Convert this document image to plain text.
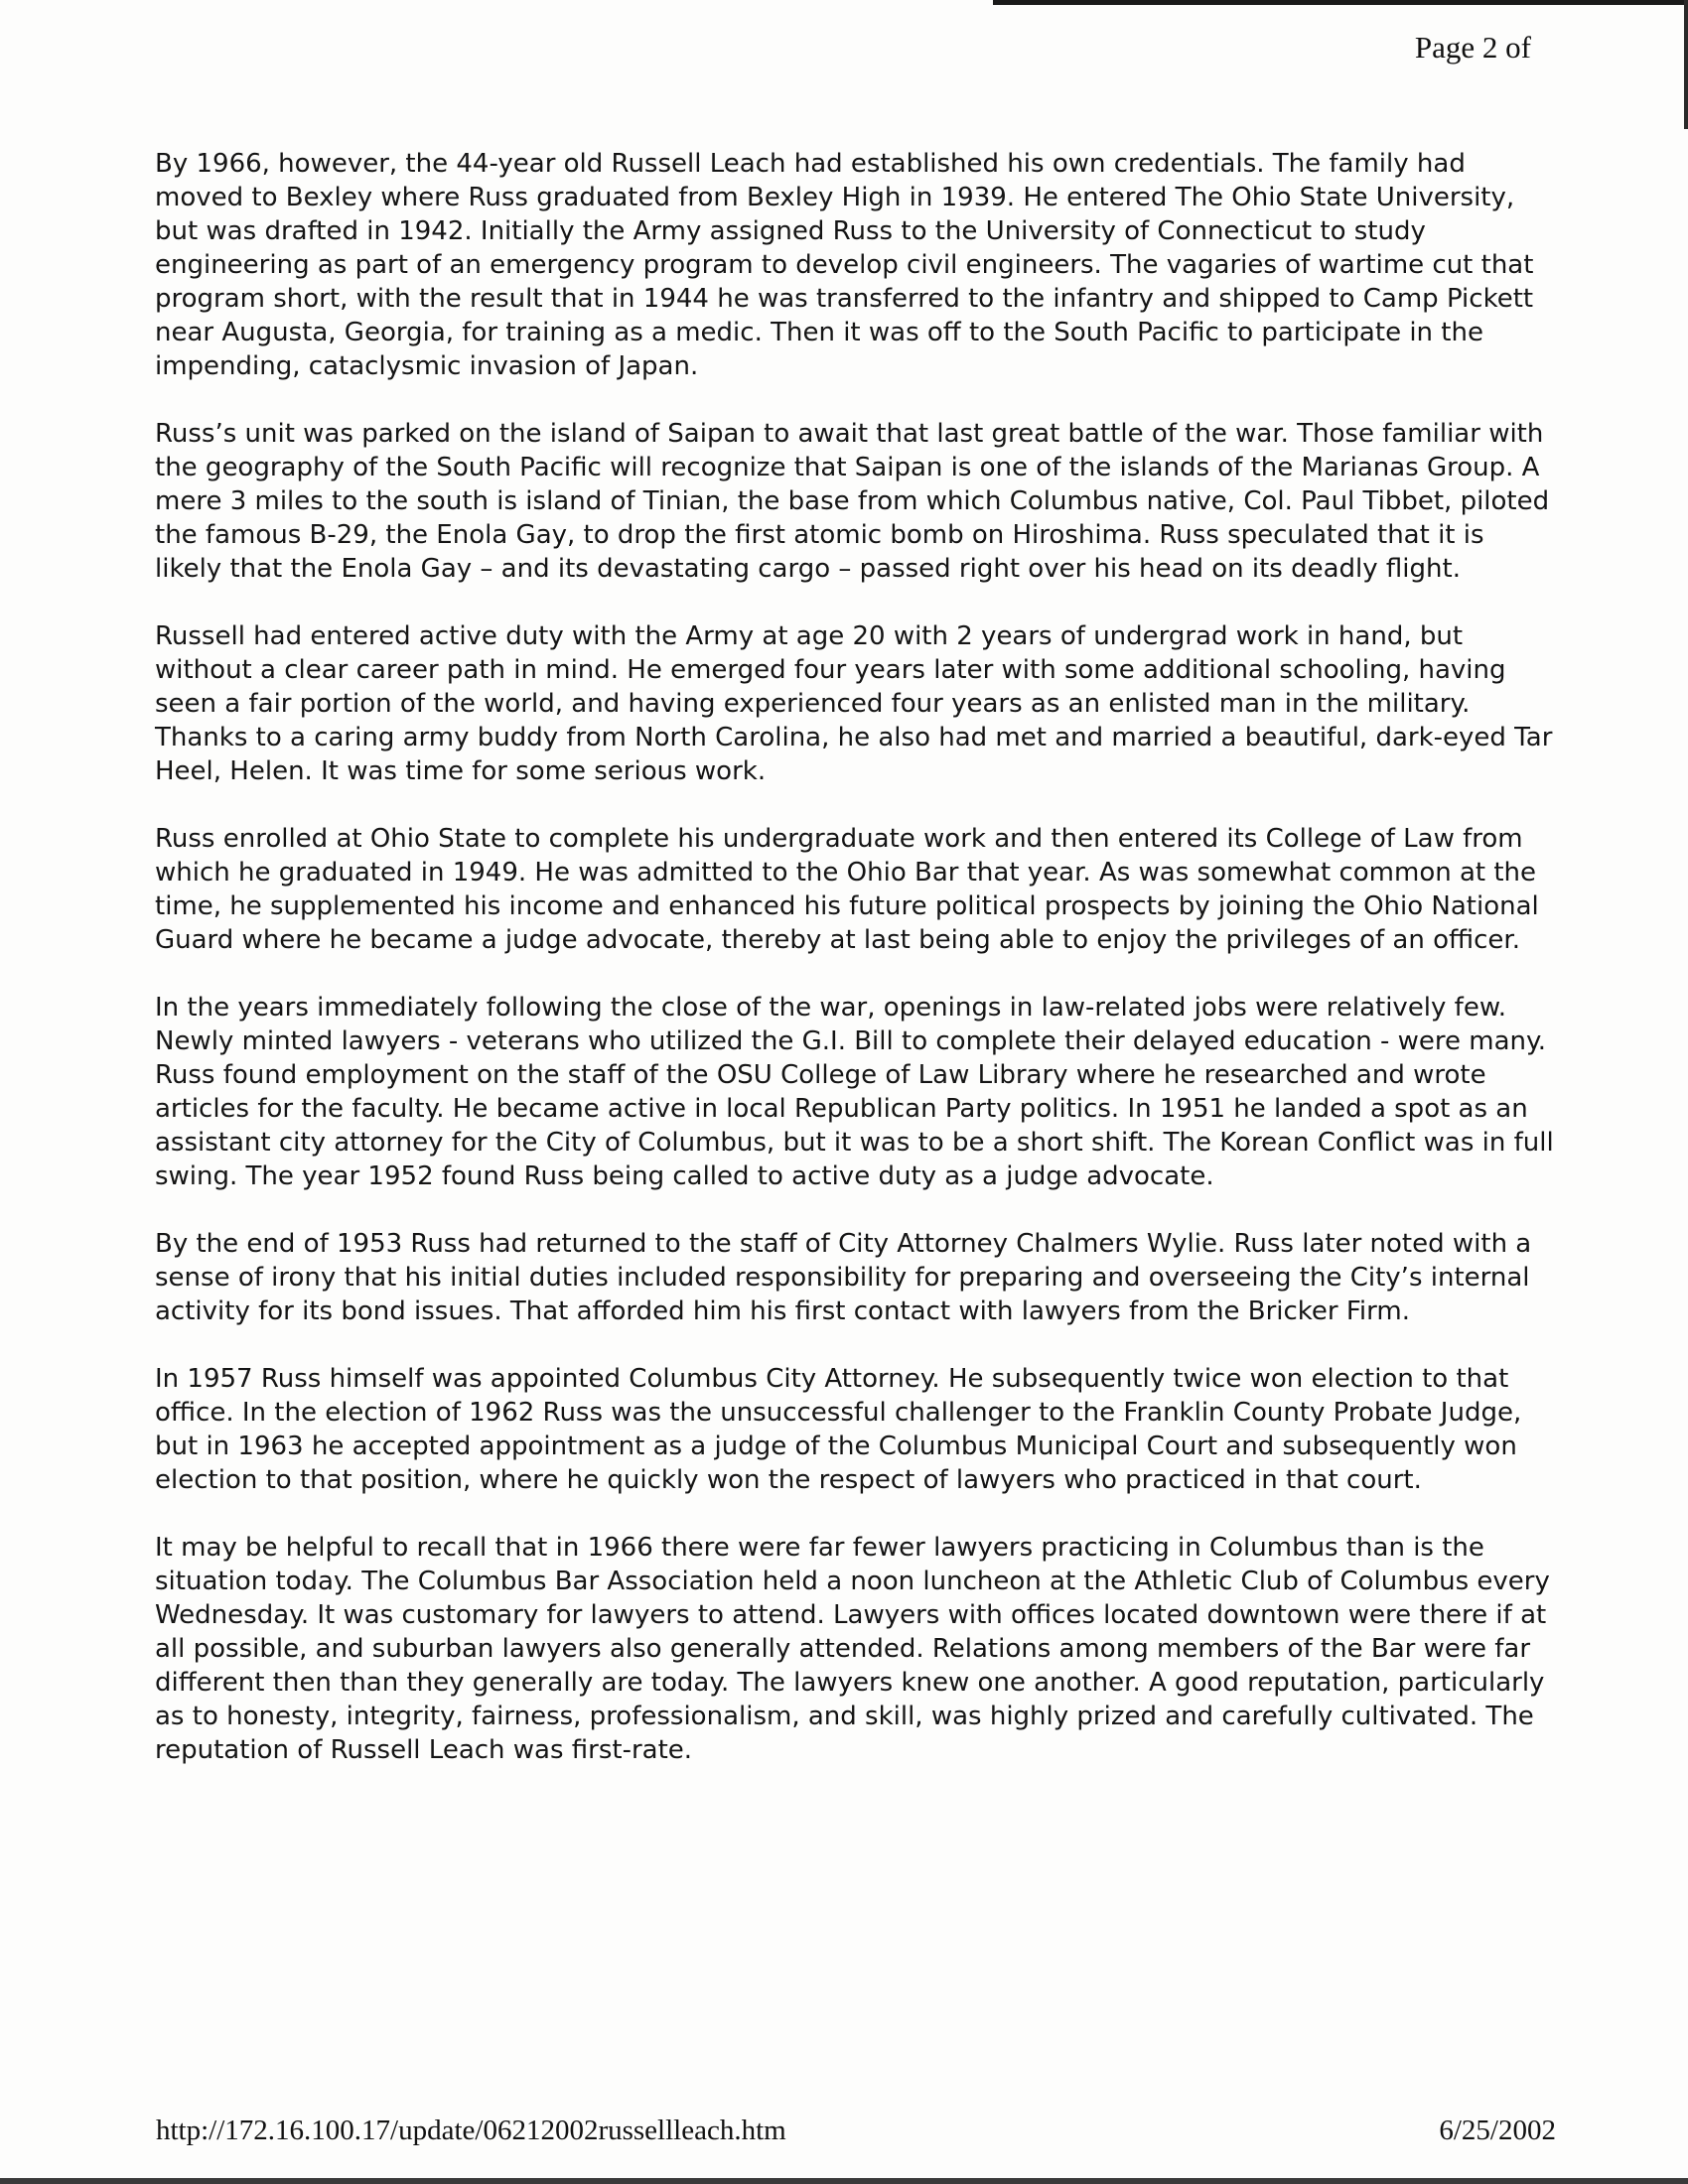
Page 2 of

By 1966, however, the 44-year old Russell Leach had established his own credentials. The family had moved to Bexley where Russ graduated from Bexley High in 1939. He entered The Ohio State University, but was drafted in 1942. Initially the Army assigned Russ to the University of Connecticut to study engineering as part of an emergency program to develop civil engineers. The vagaries of wartime cut that program short, with the result that in 1944 he was transferred to the infantry and shipped to Camp Pickett near Augusta, Georgia, for training as a medic. Then it was off to the South Pacific to participate in the impending, cataclysmic invasion of Japan.

Russ’s unit was parked on the island of Saipan to await that last great battle of the war. Those familiar with the geography of the South Pacific will recognize that Saipan is one of the islands of the Marianas Group. A mere 3 miles to the south is island of Tinian, the base from which Columbus native, Col. Paul Tibbet, piloted the famous B-29, the Enola Gay, to drop the first atomic bomb on Hiroshima. Russ speculated that it is likely that the Enola Gay – and its devastating cargo – passed right over his head on its deadly flight.

Russell had entered active duty with the Army at age 20 with 2 years of undergrad work in hand, but without a clear career path in mind. He emerged four years later with some additional schooling, having seen a fair portion of the world, and having experienced four years as an enlisted man in the military. Thanks to a caring army buddy from North Carolina, he also had met and married a beautiful, dark-eyed Tar Heel, Helen. It was time for some serious work.

Russ enrolled at Ohio State to complete his undergraduate work and then entered its College of Law from which he graduated in 1949. He was admitted to the Ohio Bar that year. As was somewhat common at the time, he supplemented his income and enhanced his future political prospects by joining the Ohio National Guard where he became a judge advocate, thereby at last being able to enjoy the privileges of an officer.

In the years immediately following the close of the war, openings in law-related jobs were relatively few. Newly minted lawyers - veterans who utilized the G.I. Bill to complete their delayed education - were many. Russ found employment on the staff of the OSU College of Law Library where he researched and wrote articles for the faculty. He became active in local Republican Party politics. In 1951 he landed a spot as an assistant city attorney for the City of Columbus, but it was to be a short shift. The Korean Conflict was in full swing. The year 1952 found Russ being called to active duty as a judge advocate.

By the end of 1953 Russ had returned to the staff of City Attorney Chalmers Wylie. Russ later noted with a sense of irony that his initial duties included responsibility for preparing and overseeing the City’s internal activity for its bond issues. That afforded him his first contact with lawyers from the Bricker Firm.

In 1957 Russ himself was appointed Columbus City Attorney. He subsequently twice won election to that office. In the election of 1962 Russ was the unsuccessful challenger to the Franklin County Probate Judge, but in 1963 he accepted appointment as a judge of the Columbus Municipal Court and subsequently won election to that position, where he quickly won the respect of lawyers who practiced in that court.

It may be helpful to recall that in 1966 there were far fewer lawyers practicing in Columbus than is the situation today. The Columbus Bar Association held a noon luncheon at the Athletic Club of Columbus every Wednesday. It was customary for lawyers to attend. Lawyers with offices located downtown were there if at all possible, and suburban lawyers also generally attended. Relations among members of the Bar were far different then than they generally are today. The lawyers knew one another. A good reputation, particularly as to honesty, integrity, fairness, professionalism, and skill, was highly prized and carefully cultivated. The reputation of Russell Leach was first-rate.

http://172.16.100.17/update/06212002russellleach.htm	6/25/2002
